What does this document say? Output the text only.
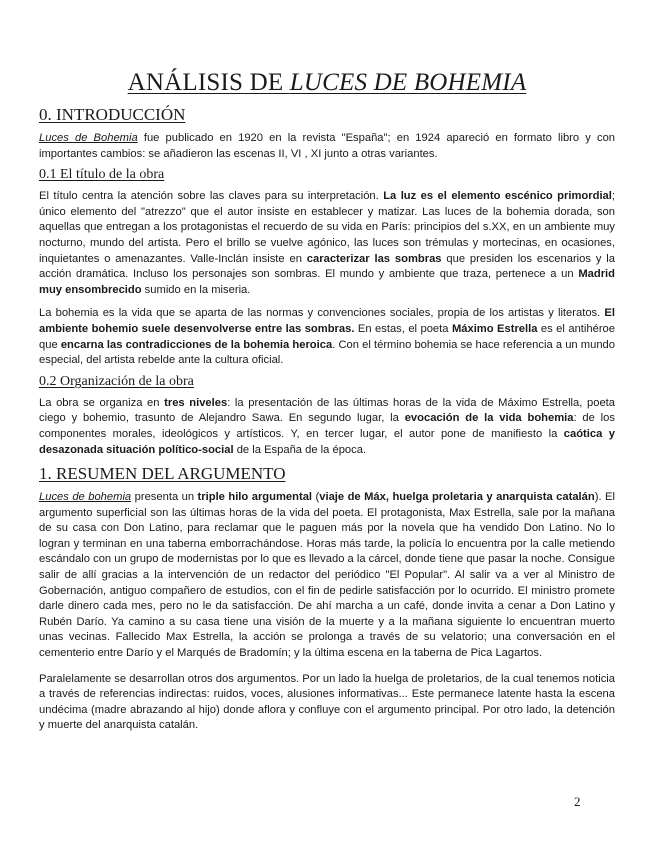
ANÁLISIS DE LUCES DE BOHEMIA
0. INTRODUCCIÓN

Luces de Bohemia fue publicado en 1920 en la revista "España"; en 1924 apareció en formato libro y con importantes cambios: se añadieron las escenas II, VI , XI junto a otras variantes.

0.1 El título de la obra

El título centra la atención sobre las claves para su interpretación. La luz es el elemento escénico primordial; único elemento del "atrezzo" que el autor insiste en establecer y matizar. Las luces de la bohemia dorada, son aquellas que entregan a los protagonistas el recuerdo de su vida en París: principios del s.XX, en un ambiente muy nocturno, mundo del artista. Pero el brillo se vuelve agónico, las luces son trémulas y mortecinas, en ocasiones, inquietantes o amenazantes. Valle-Inclán insiste en caracterizar las sombras que presiden los escenarios y la acción dramática. Incluso los personajes son sombras. El mundo y ambiente que traza, pertenece a un Madrid muy ensombrecido sumido en la miseria.

La bohemia es la vida que se aparta de las normas y convenciones sociales, propia de los artistas y literatos. El ambiente bohemio suele desenvolverse entre las sombras. En estas, el poeta Máximo Estrella es el antihéroe que encarna las contradicciones de la bohemia heroica. Con el término bohemia se hace referencia a un mundo especial, del artista rebelde ante la cultura oficial.

0.2 Organización de la obra

La obra se organiza en tres niveles: la presentación de las últimas horas de la vida de Máximo Estrella, poeta ciego y bohemio, trasunto de Alejandro Sawa. En segundo lugar, la evocación de la vida bohemia: de los componentes morales, ideológicos y artísticos. Y, en tercer lugar, el autor pone de manifiesto la caótica y desazonada situación político-social de la España de la época.

1. RESUMEN DEL ARGUMENTO

Luces de bohemia presenta un triple hilo argumental (viaje de Máx, huelga proletaria y anarquista catalán). El argumento superficial son las últimas horas de la vida del poeta. El protagonista, Max Estrella, sale por la mañana de su casa con Don Latino, para reclamar que le paguen más por la novela que ha vendido Don Latino. No lo logran y terminan en una taberna emborrachándose. Horas más tarde, la policía lo encuentra por la calle metiendo escándalo con un grupo de modernistas por lo que es llevado a la cárcel, donde tiene que pasar la noche. Consigue salir de allí gracias a la intervención de un redactor del periódico "El Popular". Al salir va a ver al Ministro de Gobernación, antiguo compañero de estudios, con el fin de pedirle satisfacción por lo ocurrido. El ministro promete darle dinero cada mes, pero no le da satisfacción. De ahí marcha a un café, donde invita a cenar a Don Latino y Rubén Darío. Ya camino a su casa tiene una visión de la muerte y a la mañana siguiente lo encuentran muerto unas vecinas. Fallecido Max Estrella, la acción se prolonga a través de su velatorio; una conversación en el cementerio entre Darío y el Marqués de Bradomín; y la última escena en la taberna de Pica Lagartos.

Paralelamente se desarrollan otros dos argumentos. Por un lado la huelga de proletarios, de la cual tenemos noticia a través de referencias indirectas: ruidos, voces, alusiones informativas... Este permanece latente hasta la escena undécima (madre abrazando al hijo) donde aflora y confluye con el argumento principal. Por otro lado, la detención y muerte del anarquista catalán.

2
